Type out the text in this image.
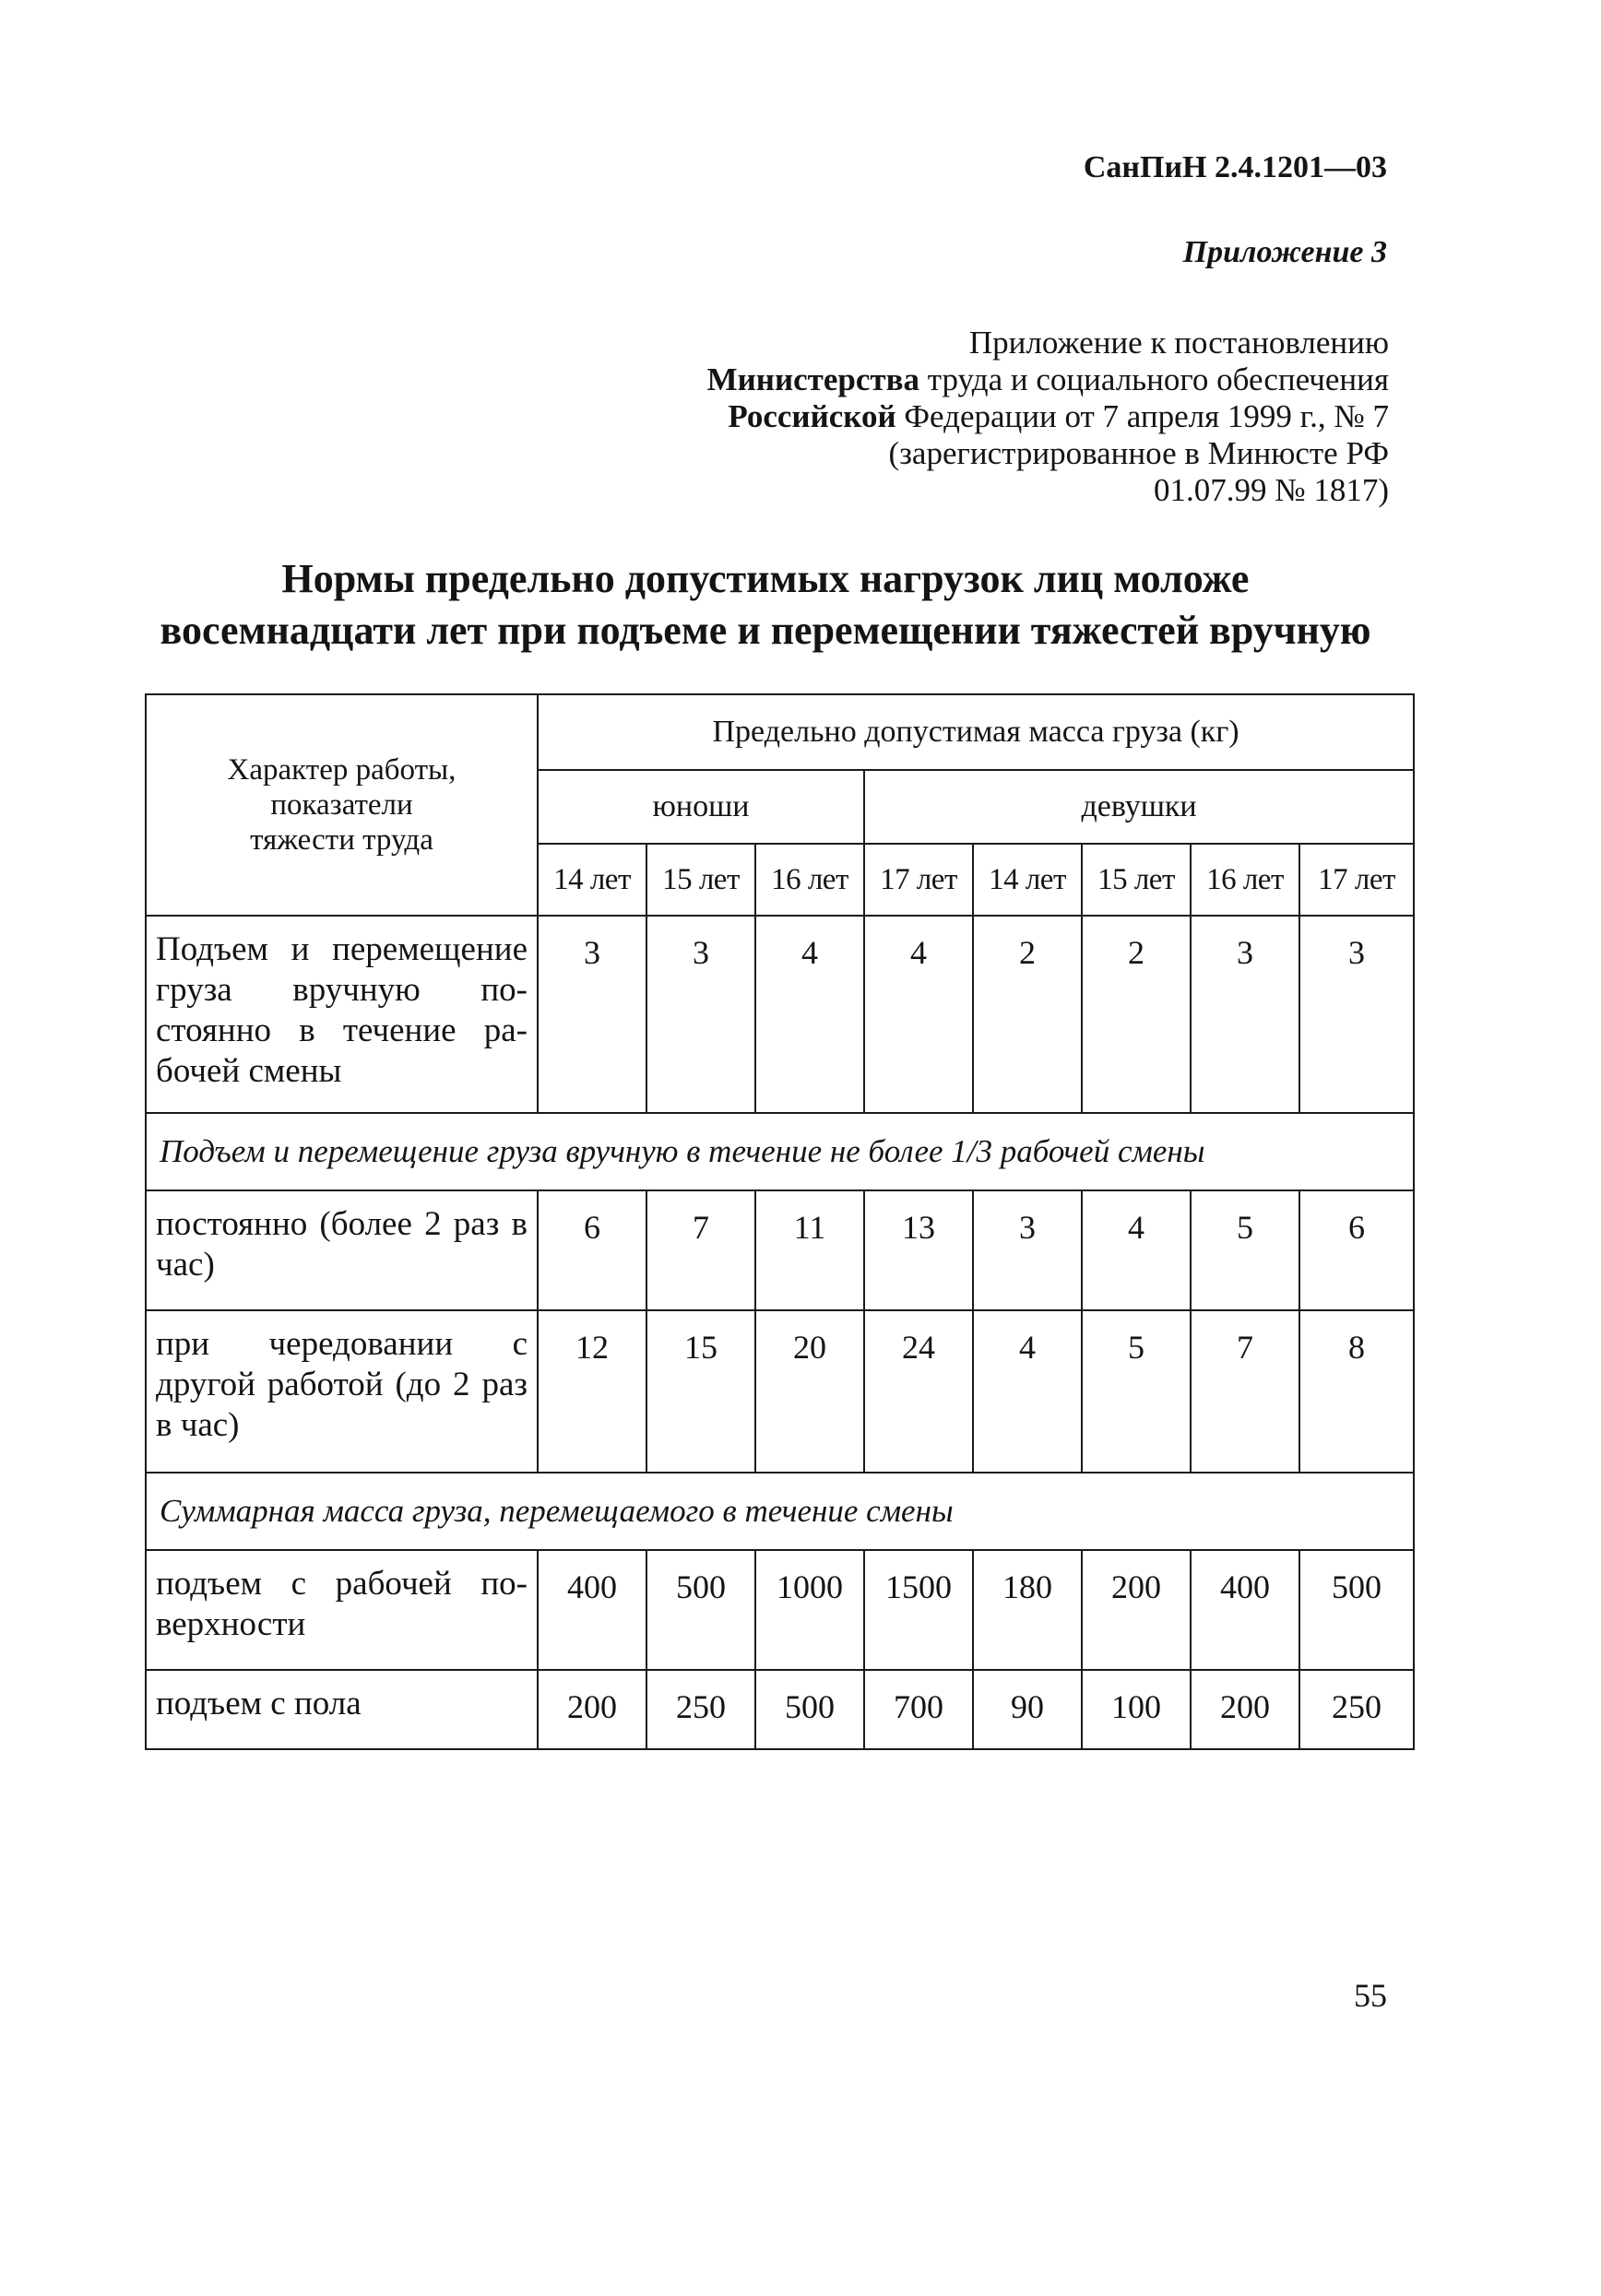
СанПиН 2.4.1201—03
Приложение 3
Приложение к постановлению
Министерства труда и социального обеспечения
Российской Федерации от 7 апреля 1999 г., № 7
(зарегистрированное в Минюсте РФ
01.07.99 № 1817)
Нормы предельно допустимых нагрузок лиц моложе
восемнадцати лет при подъеме и перемещении тяжестей вручную
Характер работы,
показатели
тяжести труда	Предельно допустимая масса груза (кг)							
	юноши			девушки				
	14 лет	15 лет	16 лет	17 лет	14 лет	15 лет	16 лет	17 лет
Подъем и перемещение груза вручную постоянно в течение рабочей смены	3	3	4	4	2	2	3	3
Подъем и перемещение груза вручную в течение не более 1/3 рабочей смены								
постоянно (более 2 раз в час)	6	7	11	13	3	4	5	6
при чередовании с другой работой (до 2 раз в час)	12	15	20	24	4	5	7	8
Суммарная масса груза, перемещаемого в течение смены								
подъем с рабочей поверхности	400	500	1000	1500	180	200	400	500
подъем с пола	200	250	500	700	90	100	200	250
55
